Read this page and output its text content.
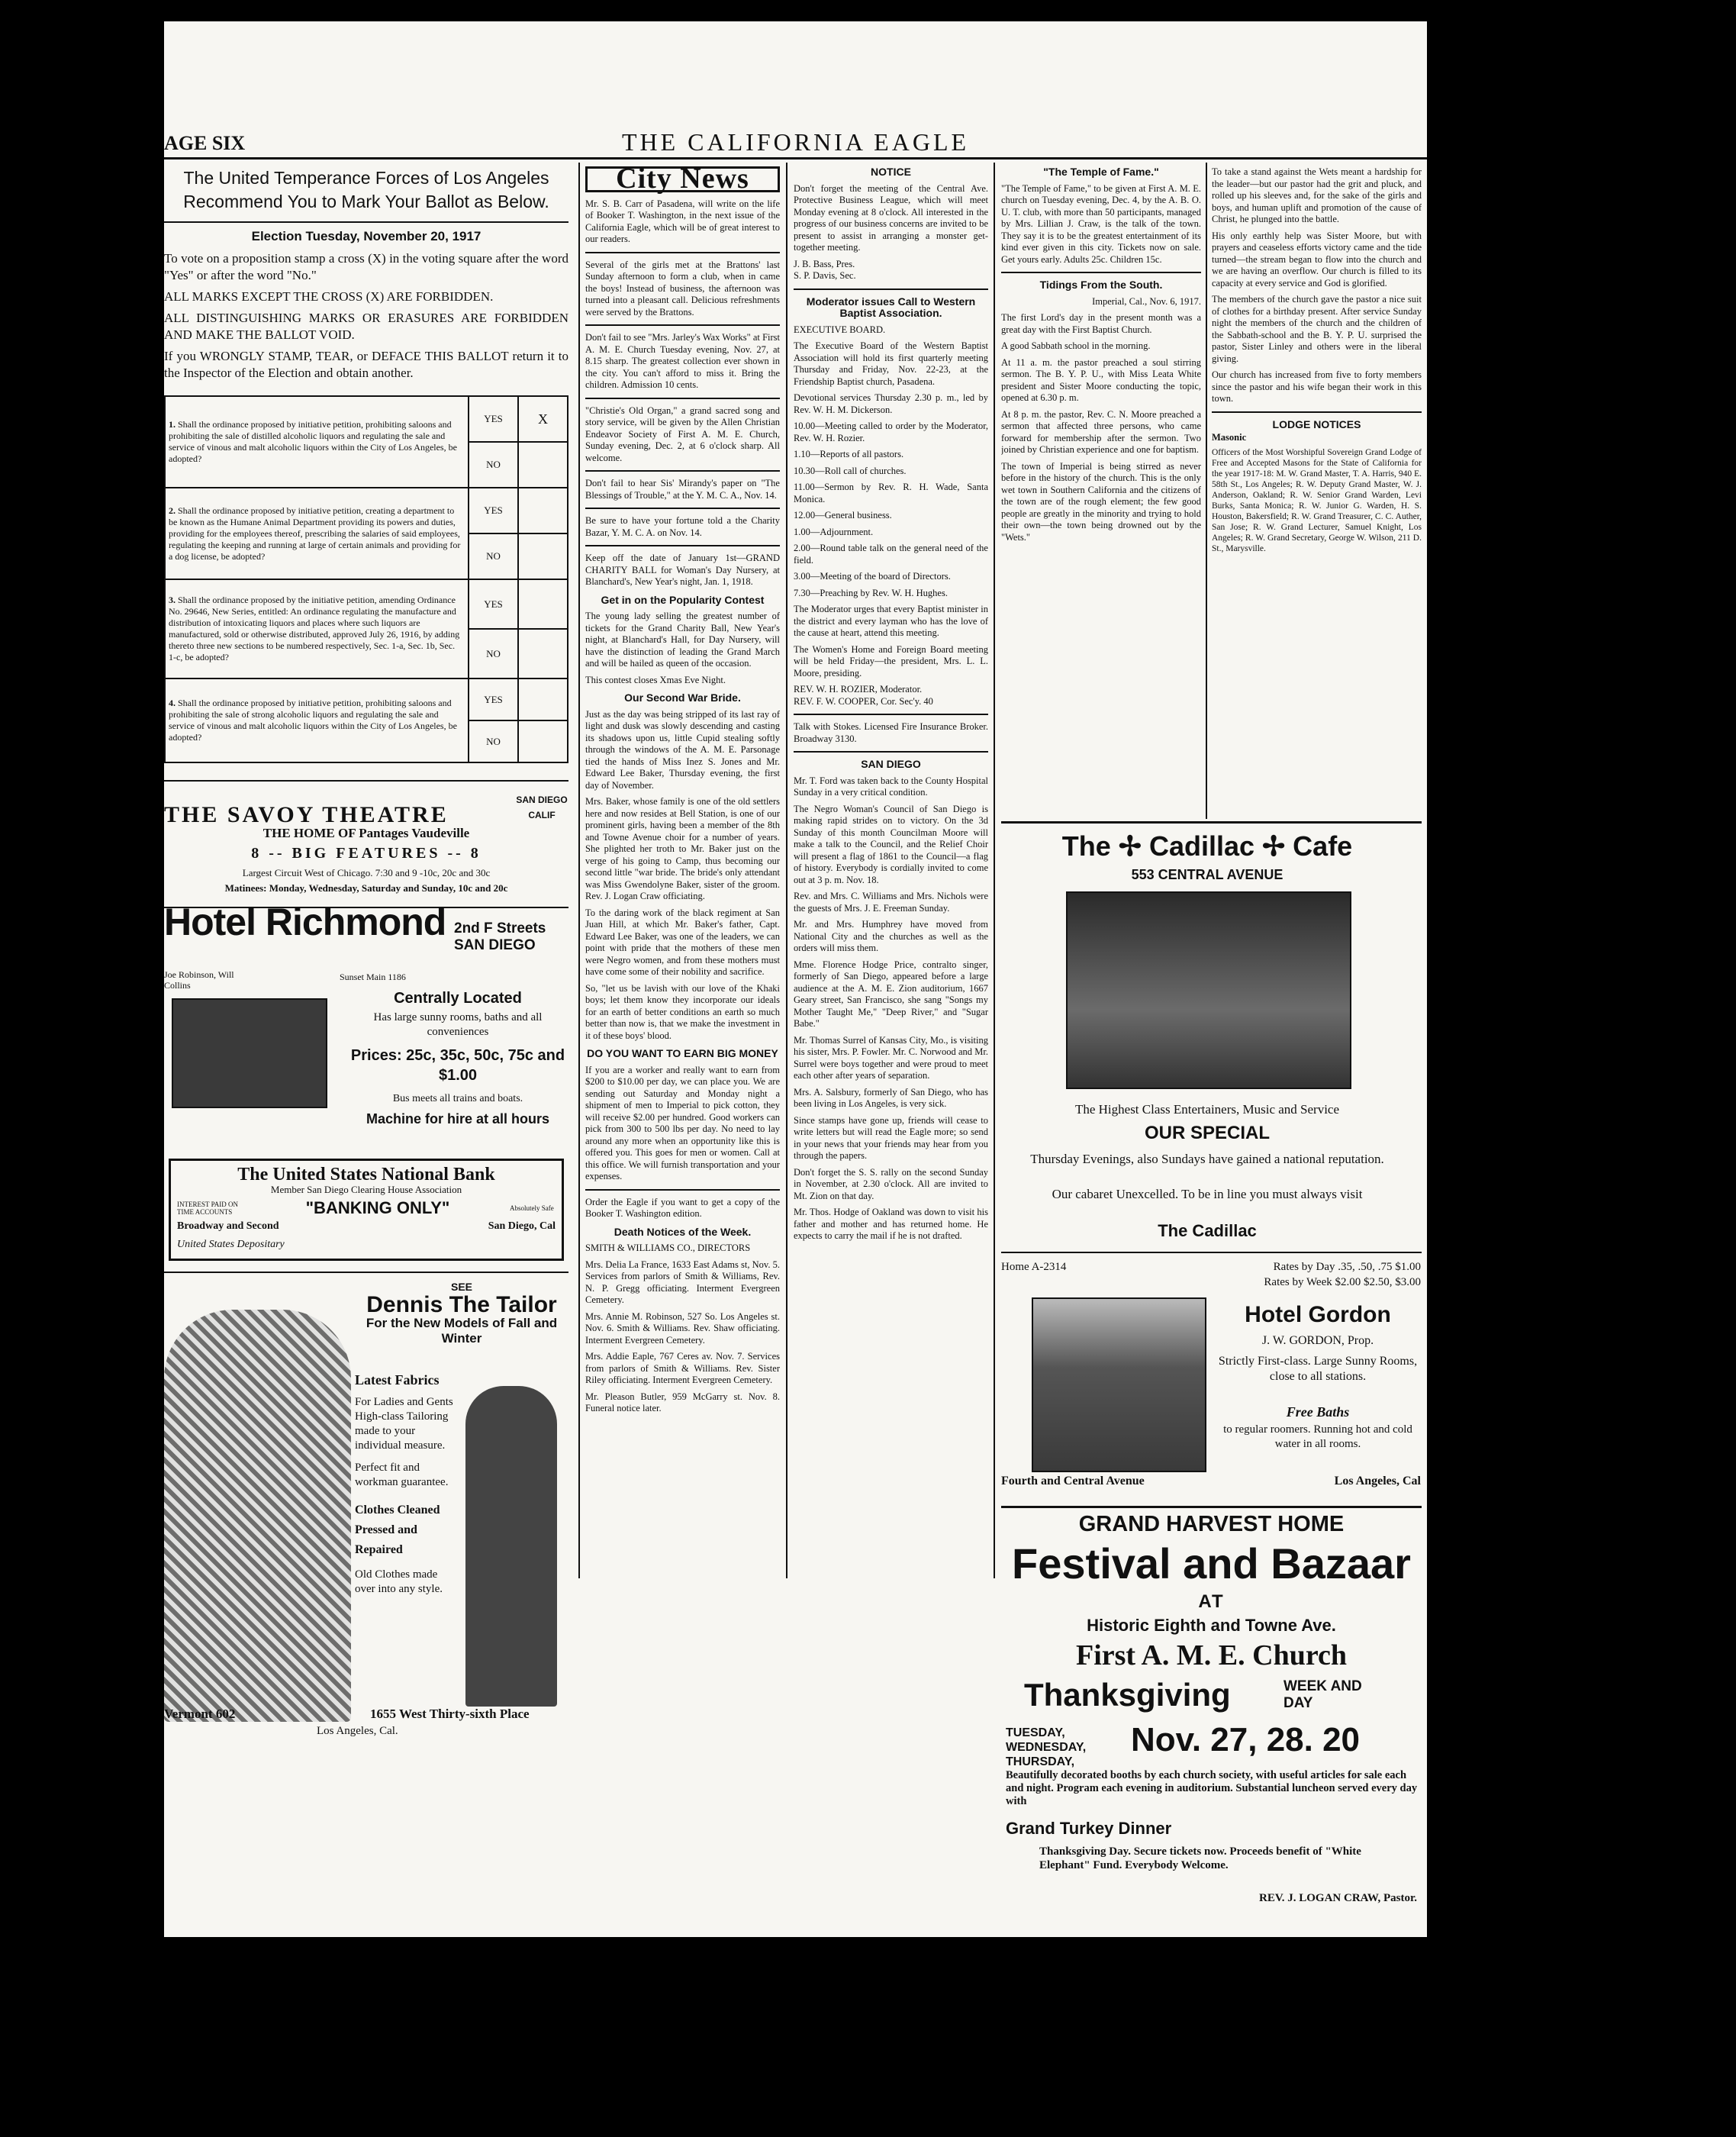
AGE SIX	THE CALIFORNIA EAGLE
The United Temperance Forces of Los Angeles Recommend You to Mark Your Ballot as Below.
Election Tuesday, November 20, 1917

To vote on a proposition stamp a cross (X) in the voting square after the word "Yes" or after the word "No."

ALL MARKS EXCEPT THE CROSS (X) ARE FORBIDDEN.

ALL DISTINGUISHING MARKS OR ERASURES ARE FORBIDDEN AND MAKE THE BALLOT VOID.

If you WRONGLY STAMP, TEAR, or DEFACE THIS BALLOT return it to the Inspector of the Election and obtain another.

1. Shall the ordinance proposed by initiative petition, prohibiting saloons and prohibiting the sale of distilled alcoholic liquors and regulating the sale and service of vinous and malt alcoholic liquors within the City of Los Angeles, be adopted?	YES	X
	NO	
2. Shall the ordinance proposed by initiative petition, creating a department to be known as the Humane Animal Department providing its powers and duties, providing for the employees thereof, prescribing the salaries of said employees, regulating the keeping and running at large of certain animals and providing for a dog license, be adopted?	YES	
	NO	
3. Shall the ordinance proposed by the initiative petition, amending Ordinance No. 29646, New Series, entitled: An ordinance regulating the manufacture and distribution of intoxicating liquors and places where such liquors are manufactured, sold or otherwise distributed, approved July 26, 1916, by adding thereto three new sections to be numbered respectively, Sec. 1-a, Sec. 1b, Sec. 1-c, be adopted?	YES	
	NO	
4. Shall the ordinance proposed by initiative petition, prohibiting saloons and prohibiting the sale of strong alcoholic liquors and regulating the sale and service of vinous and malt alcoholic liquors within the City of Los Angeles, be adopted?	YES	
	NO	
THE SAVOY THEATRE
SAN DIEGO CALIF
THE HOME OF Pantages Vaudeville
8 -- BIG FEATURES -- 8
Largest Circuit West of Chicago. 7:30 and 9 -10c, 20c and 30c
Matinees: Monday, Wednesday, Saturday and Sunday, 10c and 20c
Hotel Richmond 2nd F Streets SAN DIEGO
Joe Robinson, Will Collins
Sunset Main 1186
Centrally Located
Has large sunny rooms, baths and all conveniences
Prices: 25c, 35c, 50c, 75c and $1.00
Bus meets all trains and boats.
Machine for hire at all hours
The United States National Bank
Member San Diego Clearing House Association
INTEREST PAID ON TIME ACCOUNTS	"BANKING ONLY"	Absolutely Safe
Broadway and Second	San Diego, Cal
United States Depositary
SEE
Dennis The Tailor
For the New Models of Fall and Winter
Latest Fabrics
For Ladies and Gents High-class Tailoring made to your individual measure.
Perfect fit and workman guarantee.
Clothes Cleaned Pressed and Repaired
Old Clothes made over into any style.
Vermont 602	1655 West Thirty-sixth Place
Los Angeles, Cal.
City News

Mr. S. B. Carr of Pasadena, will write on the life of Booker T. Washington, in the next issue of the California Eagle, which will be of great interest to our readers.

Several of the girls met at the Brattons' last Sunday afternoon to form a club, when in came the boys! Instead of business, the afternoon was turned into a pleasant call. Delicious refreshments were served by the Brattons.

Don't fail to see "Mrs. Jarley's Wax Works" at First A. M. E. Church Tuesday evening, Nov. 27, at 8.15 sharp. The greatest collection ever shown in the city. You can't afford to miss it. Bring the children. Admission 10 cents.

"Christie's Old Organ," a grand sacred song and story service, will be given by the Allen Christian Endeavor Society of First A. M. E. Church, Sunday evening, Dec. 2, at 6 o'clock sharp. All welcome.

Don't fail to hear Sis' Mirandy's paper on "The Blessings of Trouble," at the Y. M. C. A., Nov. 14.

Be sure to have your fortune told a the Charity Bazar, Y. M. C. A. on Nov. 14.

Keep off the date of January 1st—GRAND CHARITY BALL for Woman's Day Nursery, at Blanchard's, New Year's night, Jan. 1, 1918.

Get in on the Popularity Contest

The young lady selling the greatest number of tickets for the Grand Charity Ball, New Year's night, at Blanchard's Hall, for Day Nursery, will have the distinction of leading the Grand March and will be hailed as queen of the occasion.

This contest closes Xmas Eve Night.

Our Second War Bride.

Just as the day was being stripped of its last ray of light and dusk was slowly descending and casting its shadows upon us, little Cupid stealing softly through the windows of the A. M. E. Parsonage tied the hands of Miss Inez S. Jones and Mr. Edward Lee Baker, Thursday evening, the first day of November.

Mrs. Baker, whose family is one of the old settlers here and now resides at Bell Station, is one of our prominent girls, having been a member of the 8th and Towne Avenue choir for a number of years. She plighted her troth to Mr. Baker just on the verge of his going to Camp, thus becoming our second little "war bride. The bride's only attendant was Miss Gwendolyne Baker, sister of the groom. Rev. J. Logan Craw officiating.

To the daring work of the black regiment at San Juan Hill, at which Mr. Baker's father, Capt. Edward Lee Baker, was one of the leaders, we can point with pride that the mothers of these men were Negro women, and from these mothers must have come some of their nobility and sacrifice.

So, "let us be lavish with our love of the Khaki boys; let them know they incorporate our ideals for an earth of better conditions an earth so much better than now is, that we make the investment in it of these boys' blood.

DO YOU WANT TO EARN BIG MONEY

If you are a worker and really want to earn from $200 to $10.00 per day, we can place you. We are sending out Saturday and Monday night a shipment of men to Imperial to pick cotton, they will receive $2.00 per hundred. Good workers can pick from 300 to 500 lbs per day. No need to lay around any more when an opportunity like this is offered you. This goes for men or women. Call at this office. We will furnish transportation and your expenses.

Order the Eagle if you want to get a copy of the Booker T. Washington edition.

Death Notices of the Week.

SMITH & WILLIAMS CO., DIRECTORS

Mrs. Delia La France, 1633 East Adams st, Nov. 5. Services from parlors of Smith & Williams, Rev. N. P. Gregg officiating. Interment Evergreen Cemetery.

Mrs. Annie M. Robinson, 527 So. Los Angeles st. Nov. 6. Smith & Williams. Rev. Shaw officiating. Interment Evergreen Cemetery.

Mrs. Addie Eaple, 767 Ceres av. Nov. 7. Services from parlors of Smith & Williams. Rev. Sister Riley officiating. Interment Evergreen Cemetery.

Mr. Pleason Butler, 959 McGarry st. Nov. 8. Funeral notice later.

NOTICE

Don't forget the meeting of the Central Ave. Protective Business League, which will meet Monday evening at 8 o'clock. All interested in the progress of our business concerns are invited to be present to assist in arranging a monster get-together meeting.

J. B. Bass, Pres.

S. P. Davis, Sec.

Moderator issues Call to Western Baptist Association.

EXECUTIVE BOARD.

The Executive Board of the Western Baptist Association will hold its first quarterly meeting Thursday and Friday, Nov. 22-23, at the Friendship Baptist church, Pasadena.

Devotional services Thursday 2.30 p. m., led by Rev. W. H. M. Dickerson.

10.00—Meeting called to order by the Moderator, Rev. W. H. Rozier.

1.10—Reports of all pastors.

10.30—Roll call of churches.

11.00—Sermon by Rev. R. H. Wade, Santa Monica.

12.00—General business.

1.00—Adjournment.

2.00—Round table talk on the general need of the field.

3.00—Meeting of the board of Directors.

7.30—Preaching by Rev. W. H. Hughes.

The Moderator urges that every Baptist minister in the district and every layman who has the love of the cause at heart, attend this meeting.

The Women's Home and Foreign Board meeting will be held Friday—the president, Mrs. L. L. Moore, presiding.

REV. W. H. ROZIER, Moderator.

REV. F. W. COOPER, Cor. Sec'y. 40

Talk with Stokes. Licensed Fire Insurance Broker. Broadway 3130.

SAN DIEGO

Mr. T. Ford was taken back to the County Hospital Sunday in a very critical condition.

The Negro Woman's Council of San Diego is making rapid strides on to victory. On the 3d Sunday of this month Councilman Moore will make a talk to the Council, and the Relief Choir will present a flag of 1861 to the Council—a flag of history. Everybody is cordially invited to come out at 3 p. m. Nov. 18.

Rev. and Mrs. C. Williams and Mrs. Nichols were the guests of Mrs. J. E. Freeman Sunday.

Mr. and Mrs. Humphrey have moved from National City and the churches as well as the orders will miss them.

Mme. Florence Hodge Price, contralto singer, formerly of San Diego, appeared before a large audience at the A. M. E. Zion auditorium, 1667 Geary street, San Francisco, she sang "Songs my Mother Taught Me," "Deep River," and "Sugar Babe."

Mr. Thomas Surrel of Kansas City, Mo., is visiting his sister, Mrs. P. Fowler. Mr. C. Norwood and Mr. Surrel were boys together and were proud to meet each other after years of separation.

Mrs. A. Salsbury, formerly of San Diego, who has been living in Los Angeles, is very sick.

Since stamps have gone up, friends will cease to write letters but will read the Eagle more; so send in your news that your friends may hear from you through the papers.

Don't forget the S. S. rally on the second Sunday in November, at 2.30 o'clock. All are invited to Mt. Zion on that day.

Mr. Thos. Hodge of Oakland was down to visit his father and mother and has returned home. He expects to carry the mail if he is not drafted.

"The Temple of Fame."

"The Temple of Fame," to be given at First A. M. E. church on Tuesday evening, Dec. 4, by the A. B. O. U. T. club, with more than 50 participants, managed by Mrs. Lillian J. Craw, is the talk of the town. They say it is to be the greatest entertainment of its kind ever given in this city. Tickets now on sale. Get yours early. Adults 25c. Children 15c.

Tidings From the South.

Imperial, Cal., Nov. 6, 1917.

The first Lord's day in the present month was a great day with the First Baptist Church.

A good Sabbath school in the morning.

At 11 a. m. the pastor preached a soul stirring sermon. The B. Y. P. U., with Miss Leata White president and Sister Moore conducting the topic, opened at 6.30 p. m.

At 8 p. m. the pastor, Rev. C. N. Moore preached a sermon that affected three persons, who came forward for membership after the sermon. Two joined by Christian experience and one for baptism.

The town of Imperial is being stirred as never before in the history of the church. This is the only wet town in Southern California and the citizens of the town are of the rough element; the few good people are greatly in the minority and trying to hold their own—the town being drowned out by the "Wets."

To take a stand against the Wets meant a hardship for the leader—but our pastor had the grit and pluck, and rolled up his sleeves and, for the sake of the girls and boys, and human uplift and promotion of the cause of Christ, he plunged into the battle.

His only earthly help was Sister Moore, but with prayers and ceaseless efforts victory came and the tide turned—the stream began to flow into the church and we are having an overflow. Our church is filled to its capacity at every service and God is glorified.

The members of the church gave the pastor a nice suit of clothes for a birthday present. After service Sunday night the members of the church and the children of the Sabbath-school and the B. Y. P. U. surprised the pastor, Sister Linley and others were in the liberal giving.

Our church has increased from five to forty members since the pastor and his wife began their work in this town.

LODGE NOTICES

Masonic

Officers of the Most Worshipful Sovereign Grand Lodge of Free and Accepted Masons for the State of California for the year 1917-18: M. W. Grand Master, T. A. Harris, 940 E. 58th St., Los Angeles; R. W. Deputy Grand Master, W. J. Anderson, Oakland; R. W. Senior Grand Warden, Levi Burks, Santa Monica; R. W. Junior G. Warden, H. S. Houston, Bakersfield; R. W. Grand Treasurer, C. C. Auther, San Jose; R. W. Grand Lecturer, Samuel Knight, Los Angeles; R. W. Grand Secretary, George W. Wilson, 211 D. St., Marysville.

The ✢ Cadillac ✢ Cafe
553 CENTRAL AVENUE
The Highest Class Entertainers, Music and Service
OUR SPECIAL
Thursday Evenings, also Sundays have gained a national reputation.
Our cabaret Unexcelled. To be in line you must always visit
The Cadillac
Home A-2314	Rates by Day .35, .50, .75 $1.00
Rates by Week $2.00 $2.50, $3.00
Hotel Gordon
J. W. GORDON, Prop.
Strictly First-class. Large Sunny Rooms, close to all stations.
Free Baths
to regular roomers. Running hot and cold water in all rooms.
Fourth and Central Avenue	Los Angeles, Cal
GRAND HARVEST HOME
Festival and Bazaar
AT
Historic Eighth and Towne Ave.
First A. M. E. Church
Thanksgiving	WEEK AND DAY
TUESDAY, WEDNESDAY, THURSDAY,
Nov. 27, 28. 20
Beautifully decorated booths by each church society, with useful articles for sale each and night. Program each evening in auditorium. Substantial luncheon served every day with
Grand Turkey Dinner
Thanksgiving Day. Secure tickets now. Proceeds benefit of "White Elephant" Fund. Everybody Welcome.
REV. J. LOGAN CRAW, Pastor.
